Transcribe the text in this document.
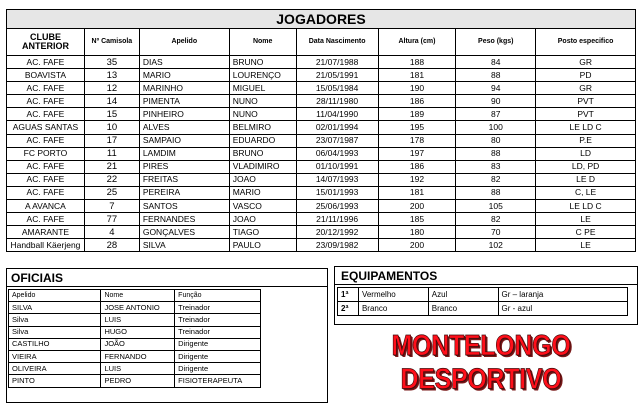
JOGADORES							
CLUBE ANTERIOR	Nº Camisola	Apelido	Nome	Data Nascimento	Altura (cm)	Peso (kgs)	Posto especifico
AC. FAFE	35	DIAS	BRUNO	21/07/1988	188	84	GR
BOAVISTA	13	MARIO	LOURENÇO	21/05/1991	181	88	PD
AC. FAFE	12	MARINHO	MIGUEL	15/05/1984	190	94	GR
AC. FAFE	14	PIMENTA	NUNO	28/11/1980	186	90	PVT
AC. FAFE	15	PINHEIRO	NUNO	11/04/1990	189	87	PVT
AGUAS SANTAS	10	ALVES	BELMIRO	02/01/1994	195	100	LE LD C
AC. FAFE	17	SAMPAIO	EDUARDO	23/07/1987	178	80	P.E
FC PORTO	11	LAMDIM	BRUNO	06/04/1993	197	88	LD
AC. FAFE	21	PIRES	VLADIMIRO	01/10/1991	186	83	LD, PD
AC. FAFE	22	FREITAS	JOAO	14/07/1993	192	82	LE D
AC. FAFE	25	PEREIRA	MARIO	15/01/1993	181	88	C, LE
A AVANCA	7	SANTOS	VASCO	25/06/1993	200	105	LE LD C
AC. FAFE	77	FERNANDES	JOAO	21/11/1996	185	82	LE
AMARANTE	4	GONÇALVES	TIAGO	20/12/1992	180	70	C PE
Handball Käerjeng	28	SILVA	PAULO	23/09/1982	200	102	LE
OFICIAIS
Apelido	Nome	Função
SILVA	JOSE ANTONIO	Treinador
Silva	LUIS	Treinador
Silva	HUGO	Treinador
CASTILHO	JOÃO	Dirigente
VIEIRA	FERNANDO	Dirigente
OLIVEIRA	LUIS	Dirigente
PINTO	PEDRO	FISIOTERAPEUTA
EQUIPAMENTOS
1ª	Vermelho	Azul	Gr – laranja
2ª	Branco	Branco	Gr - azul
MONTELONGO DESPORTIVO
